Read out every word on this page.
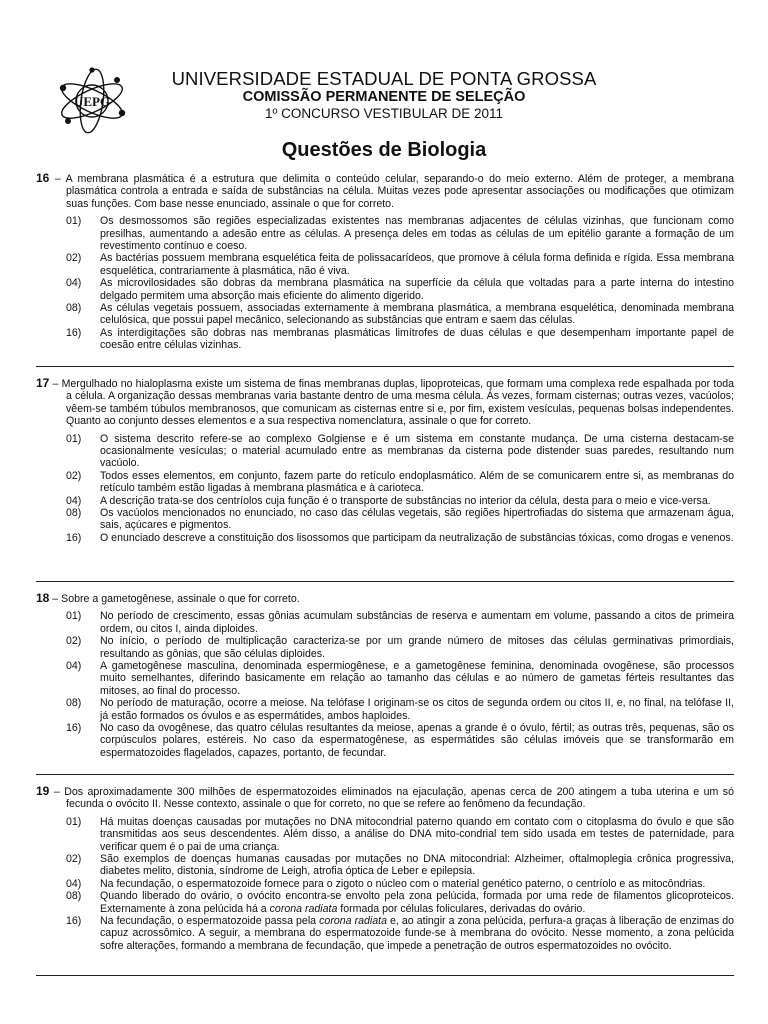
UEPG
UNIVERSIDADE ESTADUAL DE PONTA GROSSA
COMISSÃO PERMANENTE DE SELEÇÃO
1º CONCURSO VESTIBULAR DE 2011
Questões de Biologia

16 – A membrana plasmática é a estrutura que delimita o conteúdo celular, separando-o do meio externo. Além de proteger, a membrana plasmática controla a entrada e saída de substâncias na célula. Muitas vezes pode apresentar associações ou modificações que otimizam suas funções. Com base nesse enunciado, assinale o que for correto.

01) Os desmossomos são regiões especializadas existentes nas membranas adjacentes de células vizinhas, que funcionam como presilhas, aumentando a adesão entre as células. A presença deles em todas as células de um epitélio garante a formação de um revestimento contínuo e coeso.
02) As bactérias possuem membrana esquelética feita de polissacarídeos, que promove à célula forma definida e rígida. Essa membrana esquelética, contrariamente à plasmática, não é viva.
04) As microvilosidades são dobras da membrana plasmática na superfície da célula que voltadas para a parte interna do intestino delgado permitem uma absorção mais eficiente do alimento digerido.
08) As células vegetais possuem, associadas externamente à membrana plasmática, a membrana esquelética, denominada membrana celulósica, que possui papel mecânico, selecionando as substâncias que entram e saem das células.
16) As interdigitações são dobras nas membranas plasmáticas limítrofes de duas células e que desempenham importante papel de coesão entre células vizinhas.

17 – Mergulhado no hialoplasma existe um sistema de finas membranas duplas, lipoproteicas, que formam uma complexa rede espalhada por toda a célula. A organização dessas membranas varia bastante dentro de uma mesma célula. Às vezes, formam cisternas; outras vezes, vacúolos; vêem-se também túbulos membranosos, que comunicam as cisternas entre si e, por fim, existem vesículas, pequenas bolsas independentes. Quanto ao conjunto desses elementos e a sua respectiva nomenclatura, assinale o que for correto.

01) O sistema descrito refere-se ao complexo Golgiense e é um sistema em constante mudança. De uma cisterna destacam-se ocasionalmente vesículas; o material acumulado entre as membranas da cisterna pode distender suas paredes, resultando num vacúolo.
02) Todos esses elementos, em conjunto, fazem parte do retículo endoplasmático. Além de se comunicarem entre si, as membranas do retículo também estão ligadas à membrana plasmática e à carioteca.
04) A descrição trata-se dos centríolos cuja função é o transporte de substâncias no interior da célula, desta para o meio e vice-versa.
08) Os vacúolos mencionados no enunciado, no caso das células vegetais, são regiões hipertrofiadas do sistema que armazenam água, sais, açúcares e pigmentos.
16) O enunciado descreve a constituição dos lisossomos que participam da neutralização de substâncias tóxicas, como drogas e venenos.

18 – Sobre a gametogênese, assinale o que for correto.

01) No período de crescimento, essas gônias acumulam substâncias de reserva e aumentam em volume, passando a citos de primeira ordem, ou citos I, ainda diploides.
02) No início, o período de multiplicação caracteriza-se por um grande número de mitoses das células germinativas primordiais, resultando as gônias, que são células diploides.
04) A gametogênese masculina, denominada espermiogênese, e a gametogênese feminina, denominada ovogênese, são processos muito semelhantes, diferindo basicamente em relação ao tamanho das células e ao número de gametas férteis resultantes das mitoses, ao final do processo.
08) No período de maturação, ocorre a meiose. Na telófase I originam-se os citos de segunda ordem ou citos II, e, no final, na telófase II, já estão formados os óvulos e as espermátides, ambos haploides.
16) No caso da ovogênese, das quatro células resultantes da meiose, apenas a grande é o óvulo, fértil; as outras três, pequenas, são os corpúsculos polares, estéreis. No caso da espermatogênese, as espermátides são células imóveis que se transformarão em espermatozoides flagelados, capazes, portanto, de fecundar.

19 – Dos aproximadamente 300 milhões de espermatozoides eliminados na ejaculação, apenas cerca de 200 atingem a tuba uterina e um só fecunda o ovócito II. Nesse contexto, assinale o que for correto, no que se refere ao fenômeno da fecundação.

01) Há muitas doenças causadas por mutações no DNA mitocondrial paterno quando em contato com o citoplasma do óvulo e que são transmitidas aos seus descendentes. Além disso, a análise do DNA mito-condrial tem sido usada em testes de paternidade, para verificar quem é o pai de uma criança.
02) São exemplos de doenças humanas causadas por mutações no DNA mitocondrial: Alzheimer, oftalmoplegia crônica progressiva, diabetes melito, distonia, síndrome de Leigh, atrofia óptica de Leber e epilepsia.
04) Na fecundação, o espermatozoide fornece para o zigoto o núcleo com o material genético paterno, o centríolo e as mitocôndrias.
08) Quando liberado do ovário, o ovócito encontra-se envolto pela zona pelúcida, formada por uma rede de filamentos glicoproteicos. Externamente à zona pelúcida há a corona radiata formada por células foliculares, derivadas do ovário.
16) Na fecundação, o espermatozoide passa pela corona radiata e, ao atingir a zona pelúcida, perfura-a graças à liberação de enzimas do capuz acrossômico. A seguir, a membrana do espermatozoide funde-se à membrana do ovócito. Nesse momento, a zona pelúcida sofre alterações, formando a membrana de fecundação, que impede a penetração de outros espermatozoides no ovócito.
